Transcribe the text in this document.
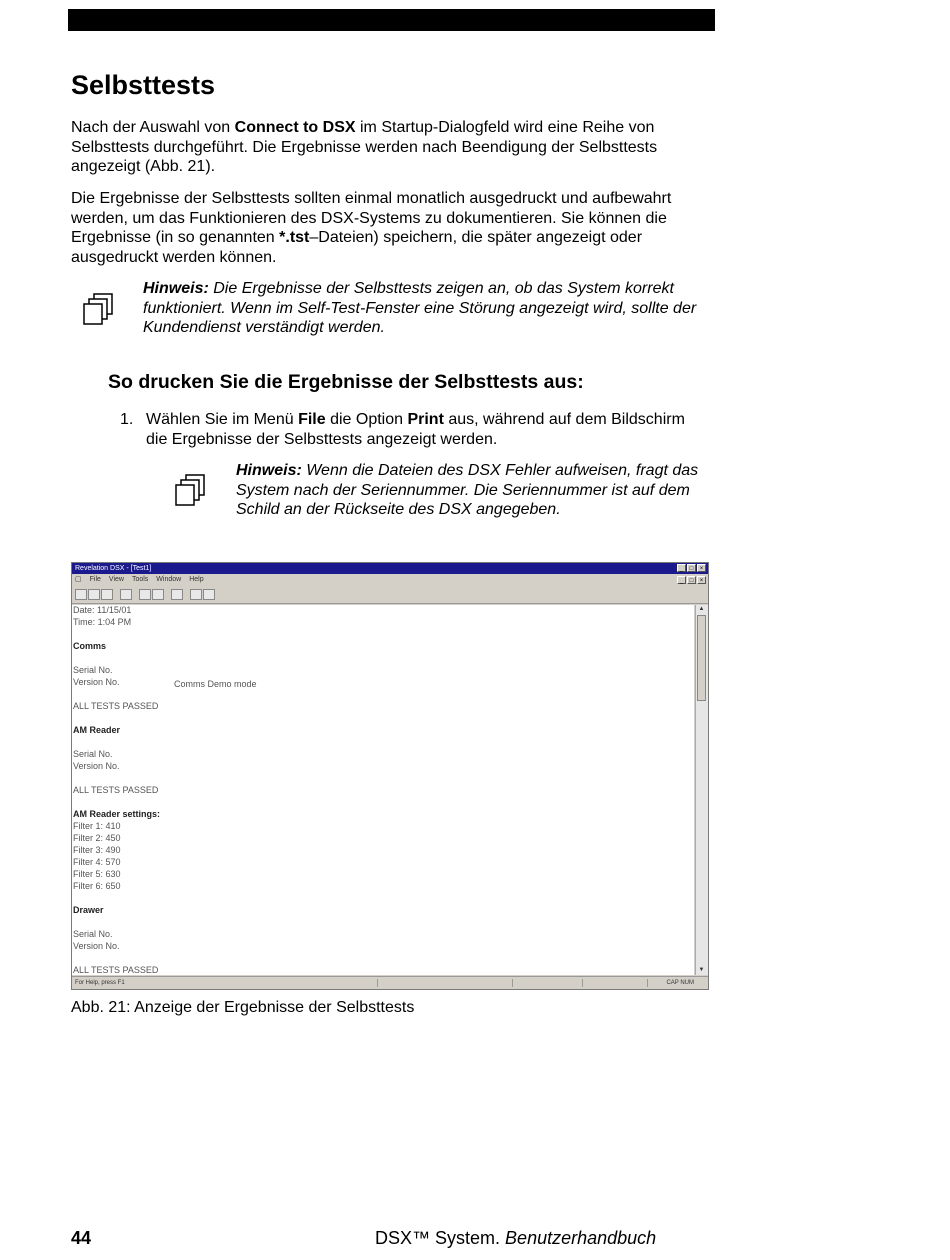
Selbsttests

Nach der Auswahl von Connect to DSX im Startup-Dialogfeld wird eine Reihe von Selbsttests durchgeführt. Die Ergebnisse werden nach Beendigung der Selbsttests angezeigt (Abb. 21).

Die Ergebnisse der Selbsttests sollten einmal monatlich ausgedruckt und aufbewahrt werden, um das Funktionieren des DSX-Systems zu dokumentieren. Sie können die Ergebnisse (in so genannten *.tst–Dateien) speichern, die später angezeigt oder ausgedruckt werden können.

Hinweis: Die Ergebnisse der Selbsttests zeigen an, ob das System korrekt funktioniert. Wenn im Self-Test-Fenster eine Störung angezeigt wird, sollte der Kundendienst verständigt werden.

So drucken Sie die Ergebnisse der Selbsttests aus:
1. Wählen Sie im Menü File die Option Print aus, während auf dem Bildschirm die Ergebnisse der Selbsttests angezeigt werden.

Hinweis: Wenn die Dateien des DSX Fehler aufweisen, fragt das System nach der Seriennummer. Die Seriennummer ist auf dem Schild an der Rückseite des DSX angegeben.

Revelation DSX - [Test1]	_	□	×
▢ File View Tools Window Help	_	□	×
Date: 11/15/01
Time: 1:04 PM
Comms
Serial No.
Version No.
ALL TESTS PASSED
AM Reader
Serial No.
Version No.
ALL TESTS PASSED
AM Reader settings:
Filter 1: 410
Filter 2: 450
Filter 3: 490
Filter 4: 570
Filter 5: 630
Filter 6: 650
Drawer
Serial No.
Version No.
ALL TESTS PASSED
Comms Demo mode
▲
▼
For Help, press F1	CAP NUM

Abb. 21: Anzeige der Ergebnisse der Selbsttests

44	DSX™ System. Benutzerhandbuch
